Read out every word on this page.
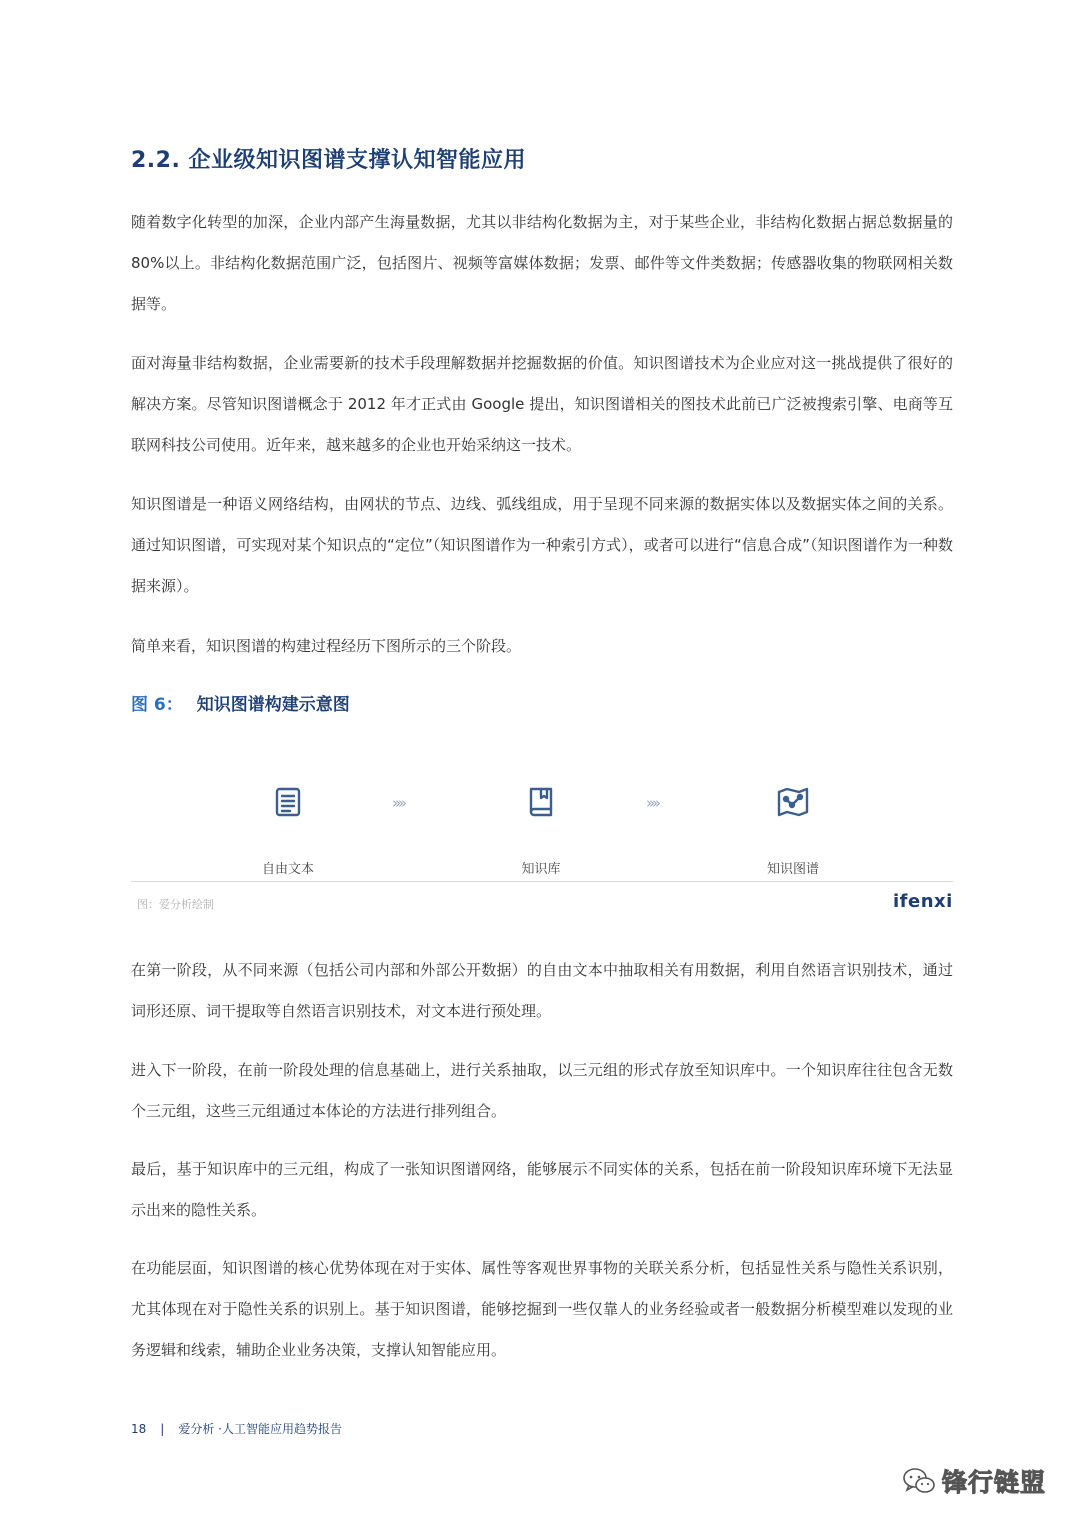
2.2. 企业级知识图谱支撑认知智能应用

随着数字化转型的加深，企业内部产生海量数据，尤其以非结构化数据为主，对于某些企业，非结构化数据占据总数据量的 80%以上。非结构化数据范围广泛，包括图片、视频等富媒体数据；发票、邮件等文件类数据；传感器收集的物联网相关数据等。

面对海量非结构数据，企业需要新的技术手段理解数据并挖掘数据的价值。知识图谱技术为企业应对这一挑战提供了很好的解决方案。尽管知识图谱概念于 2012 年才正式由 Google 提出，知识图谱相关的图技术此前已广泛被搜索引擎、电商等互联网科技公司使用。近年来，越来越多的企业也开始采纳这一技术。

知识图谱是一种语义网络结构，由网状的节点、边线、弧线组成，用于呈现不同来源的数据实体以及数据实体之间的关系。通过知识图谱，可实现对某个知识点的“定位”（知识图谱作为一种索引方式），或者可以进行“信息合成”（知识图谱作为一种数据来源）。

简单来看，知识图谱的构建过程经历下图所示的三个阶段。

图 6： 知识图谱构建示意图
自由文本
››››
知识库
››››
知识图谱
图：爱分析绘制	ifenxi

在第一阶段，从不同来源（包括公司内部和外部公开数据）的自由文本中抽取相关有用数据，利用自然语言识别技术，通过词形还原、词干提取等自然语言识别技术，对文本进行预处理。

进入下一阶段，在前一阶段处理的信息基础上，进行关系抽取，以三元组的形式存放至知识库中。一个知识库往往包含无数个三元组，这些三元组通过本体论的方法进行排列组合。

最后，基于知识库中的三元组，构成了一张知识图谱网络，能够展示不同实体的关系，包括在前一阶段知识库环境下无法显示出来的隐性关系。

在功能层面，知识图谱的核心优势体现在对于实体、属性等客观世界事物的关联关系分析，包括显性关系与隐性关系识别，尤其体现在对于隐性关系的识别上。基于知识图谱，能够挖掘到一些仅靠人的业务经验或者一般数据分析模型难以发现的业务逻辑和线索，辅助企业业务决策，支撑认知智能应用。

18 | 爱分析 ·人工智能应用趋势报告
锋行链盟
